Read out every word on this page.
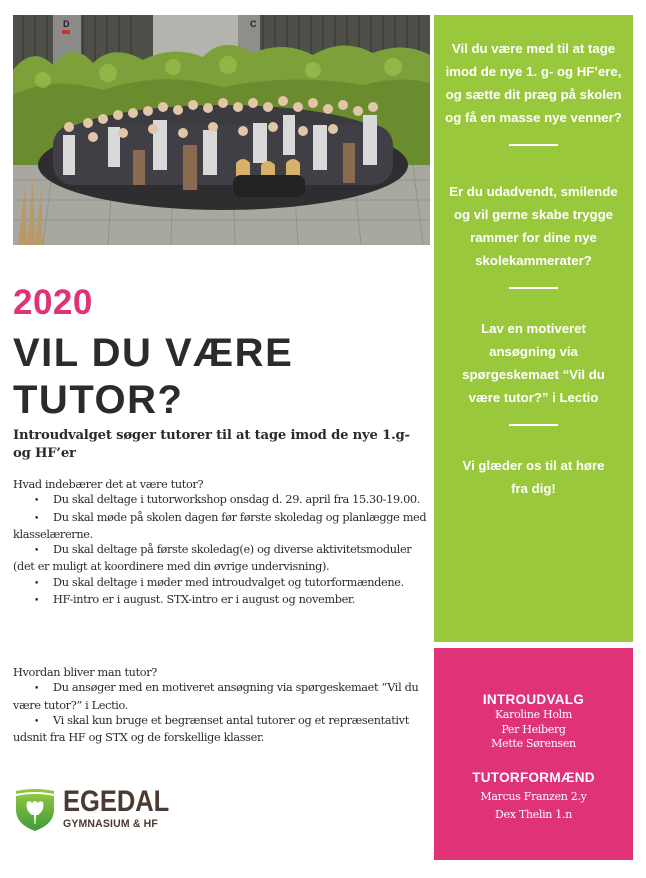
D	C
Vil du være med til at tage imod de nye 1. g- og HF’ere, og sætte dit præg på skolen og få en masse nye venner?
Er du udadvendt, smilende og vil gerne skabe trygge rammer for dine nye skolekammerater?
Lav en motiveret ansøgning via spørgeskemaet “Vil du være tutor?” i Lectio
Vi glæder os til at høre fra dig!
INTROUDVALG
Karoline Holm
Per Heiberg
Mette Sørensen
TUTORFORMÆND
Marcus Franzen 2.y
Dex Thelin 1.n
2020
VIL DU VÆRE
TUTOR?
Introudvalget søger tutorer til at tage imod de nye 1.g- og HF’er
Hvad indebærer det at være tutor?
• Du skal deltage i tutorworkshop onsdag d. 29. april fra 15.30-19.00.
• Du skal møde på skolen dagen før første skoledag og planlægge med klasselærerne.
• Du skal deltage på første skoledag(e) og diverse aktivitetsmoduler (det er muligt at koordinere med din øvrige undervisning).
• Du skal deltage i møder med introudvalget og tutorformændene.
• HF-intro er i august. STX-intro er i august og november.
Hvordan bliver man tutor?
• Du ansøger med en motiveret ansøgning via spørgeskemaet “Vil du være tutor?” i Lectio.
• Vi skal kun bruge et begrænset antal tutorer og et repræsentativt udsnit fra HF og STX og de forskellige klasser.
EGEDAL
GYMNASIUM & HF
